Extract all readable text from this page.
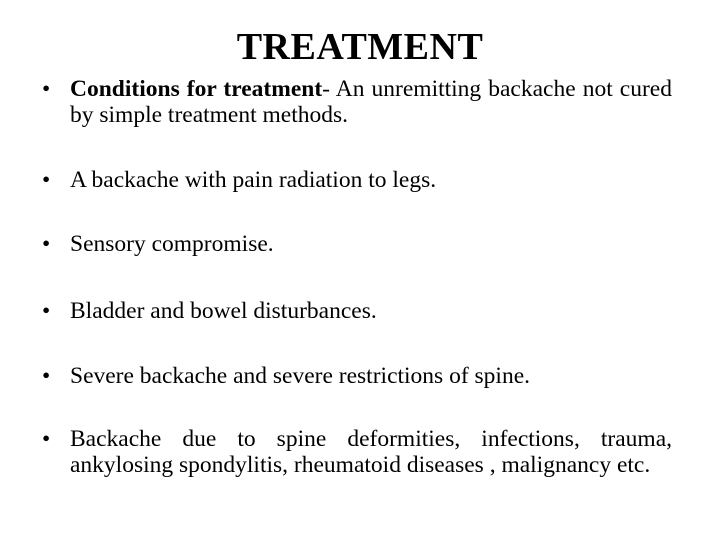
TREATMENT
• Conditions for treatment- An unremitting backache not cured by simple treatment methods.
• A backache with pain radiation to legs.
• Sensory compromise.
• Bladder and bowel disturbances.
• Severe backache and severe restrictions of spine.
• Backache due to spine deformities, infections, trauma, ankylosing spondylitis, rheumatoid diseases , malignancy etc.
